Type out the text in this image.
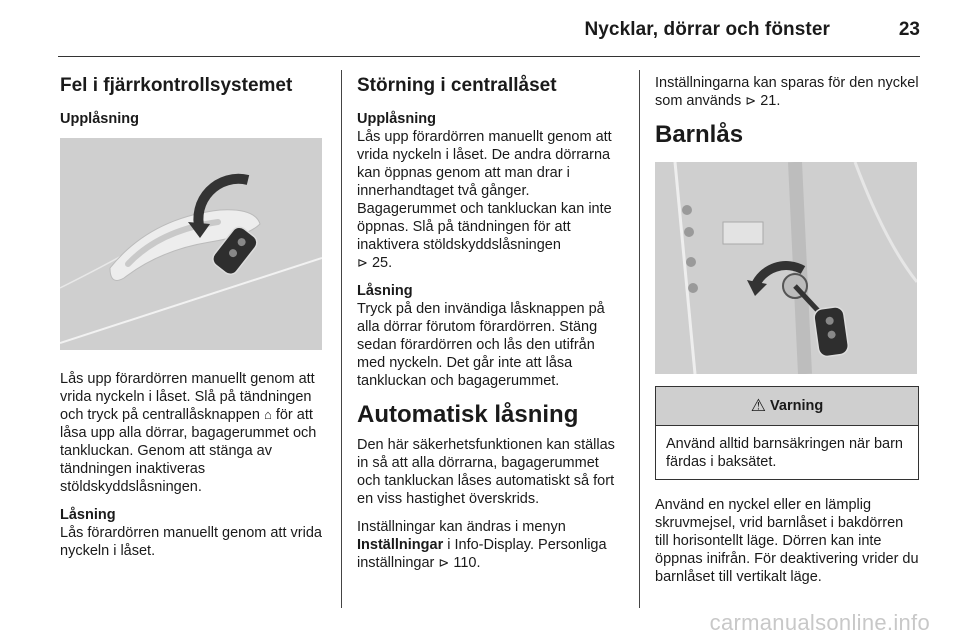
Nycklar, dörrar och fönster	23
Fel i fjärrkontrollsystemet
Upplåsning

Lås upp förardörren manuellt genom att vrida nyckeln i låset. Slå på tändningen och tryck på centrallåsknappen ⌂ för att låsa upp alla dörrar, bagagerummet och tankluckan. Genom att stänga av tändningen inaktiveras stöldskyddslåsningen.

Låsning

Lås förardörren manuellt genom att vrida nyckeln i låset.

Störning i centrallåset
Upplåsning

Lås upp förardörren manuellt genom att vrida nyckeln i låset. De andra dörrarna kan öppnas genom att man drar i innerhandtaget två gånger. Bagagerummet och tankluckan kan inte öppnas. Slå på tändningen för att inaktivera stöldskyddslåsningen
⊳ 25.

Låsning

Tryck på den invändiga låsknappen på alla dörrar förutom förardörren. Stäng sedan förardörren och lås den utifrån med nyckeln. Det går inte att låsa tankluckan och bagagerummet.

Automatisk låsning

Den här säkerhetsfunktionen kan ställas in så att alla dörrarna, bagagerummet och tankluckan låses automatiskt så fort en viss hastighet överskrids.

Inställningar kan ändras i menyn Inställningar i Info-Display. Personliga inställningar ⊳ 110.

Inställningarna kan sparas för den nyckel som används ⊳ 21.

Barnlås
⚠ Varning
Använd alltid barnsäkringen när barn färdas i baksätet.

Använd en nyckel eller en lämplig skruvmejsel, vrid barnlåset i bakdörren till horisontellt läge. Dörren kan inte öppnas inifrån. För deaktivering vrider du barnlåset till vertikalt läge.

carmanualsonline.info
